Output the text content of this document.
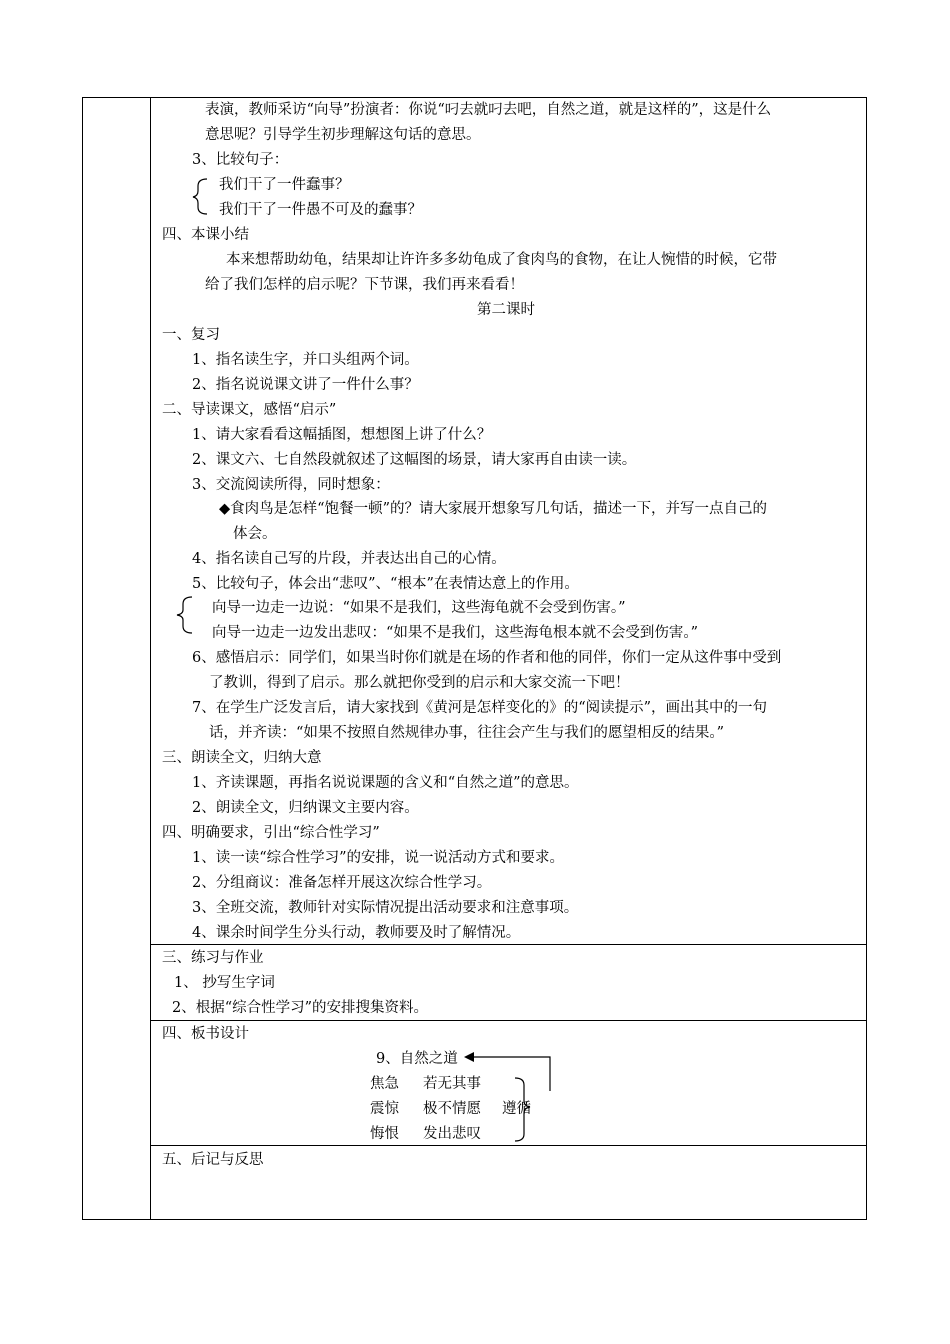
表演，教师采访“向导”扮演者：你说“叼去就叼去吧，自然之道，就是这样的”，这是什么
意思呢？引导学生初步理解这句话的意思。
3、比较句子：
我们干了一件蠢事？
我们干了一件愚不可及的蠢事？
四、本课小结
本来想帮助幼龟，结果却让许许多多幼龟成了食肉鸟的食物，在让人惋惜的时候，它带
给了我们怎样的启示呢？下节课，我们再来看看！
第二课时
一、复习
1、指名读生字，并口头组两个词。
2、指名说说课文讲了一件什么事？
二、导读课文，感悟“启示”
1、请大家看看这幅插图，想想图上讲了什么？
2、课文六、七自然段就叙述了这幅图的场景，请大家再自由读一读。
3、交流阅读所得，同时想象：
◆食肉鸟是怎样“饱餐一顿”的？请大家展开想象写几句话，描述一下，并写一点自己的
体会。
4、指名读自己写的片段，并表达出自己的心情。
5、比较句子，体会出“悲叹”、“根本”在表情达意上的作用。
向导一边走一边说：“如果不是我们，这些海龟就不会受到伤害。”
向导一边走一边发出悲叹：“如果不是我们，这些海龟根本就不会受到伤害。”
6、感悟启示：同学们，如果当时你们就是在场的作者和他的同伴，你们一定从这件事中受到
了教训，得到了启示。那么就把你受到的启示和大家交流一下吧！
7、在学生广泛发言后，请大家找到《黄河是怎样变化的》的“阅读提示”，画出其中的一句
话，并齐读：“如果不按照自然规律办事，往往会产生与我们的愿望相反的结果。”
三、朗读全文，归纳大意
1、齐读课题，再指名说说课题的含义和“自然之道”的意思。
2、朗读全文，归纳课文主要内容。
四、明确要求，引出“综合性学习”
1、读一读“综合性学习”的安排，说一说活动方式和要求。
2、分组商议：准备怎样开展这次综合性学习。
3、全班交流，教师针对实际情况提出活动要求和注意事项。
4、课余时间学生分头行动，教师要及时了解情况。
三、练习与作业
1、 抄写生字词
2、根据“综合性学习”的安排搜集资料。
四、板书设计
9、自然之道
焦急 若无其事
震惊 极不情愿 遵循
悔恨 发出悲叹
五、后记与反思
